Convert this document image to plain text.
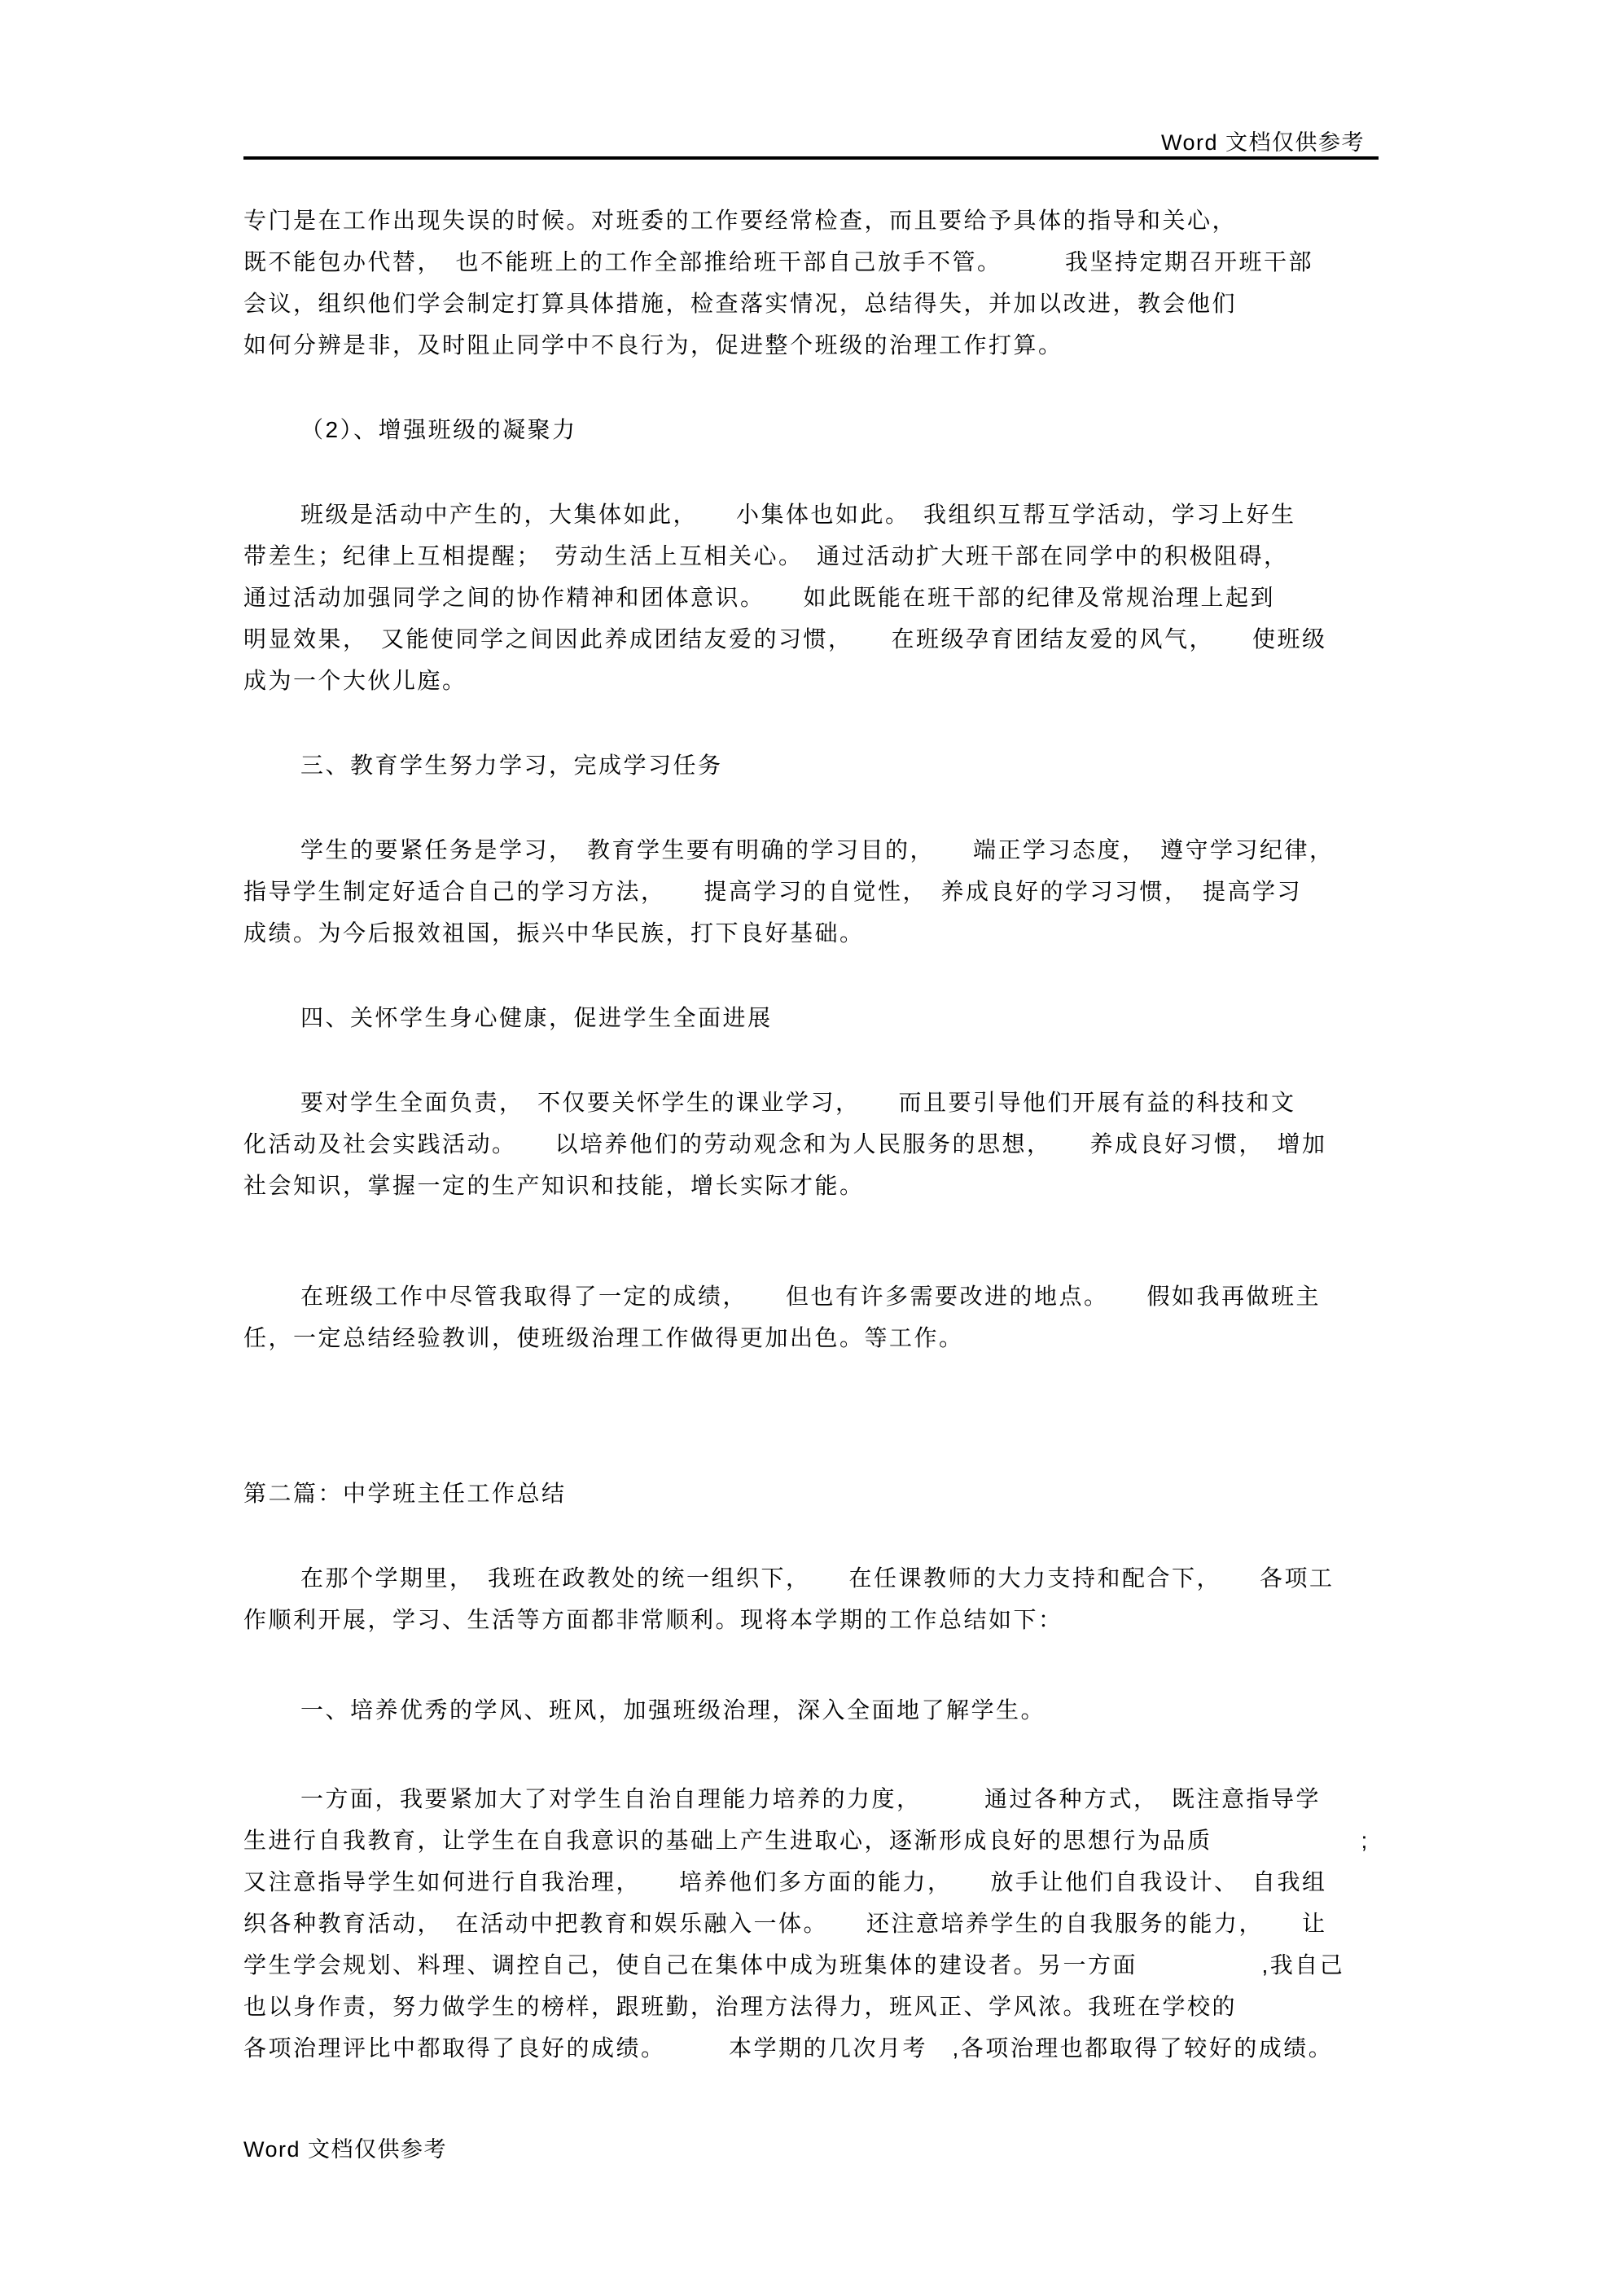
Word 文档仅供参考
专门是在工作出现失误的时候。对班委的工作要经常检查，而且要给予具体的指导和关心，
既不能包办代替，　也不能班上的工作全部推给班干部自己放手不管。　　　我坚持定期召开班干部
会议，组织他们学会制定打算具体措施，检查落实情况，总结得失，并加以改进，教会他们
如何分辨是非，及时阻止同学中不良行为，促进整个班级的治理工作打算。
（2）、增强班级的凝聚力
班级是活动中产生的，大集体如此，　　小集体也如此。　我组织互帮互学活动，学习上好生
带差生；纪律上互相提醒；　劳动生活上互相关心。　通过活动扩大班干部在同学中的积极阻碍，
通过活动加强同学之间的协作精神和团体意识。　　如此既能在班干部的纪律及常规治理上起到
明显效果，　又能使同学之间因此养成团结友爱的习惯，　　在班级孕育团结友爱的风气，　　使班级
成为一个大伙儿庭。
三、教育学生努力学习，完成学习任务
学生的要紧任务是学习，　教育学生要有明确的学习目的，　　端正学习态度，　遵守学习纪律，
指导学生制定好适合自己的学习方法，　　提高学习的自觉性，　养成良好的学习习惯，　提高学习
成绩。为今后报效祖国，振兴中华民族，打下良好基础。
四、关怀学生身心健康，促进学生全面进展
要对学生全面负责，　不仅要关怀学生的课业学习，　　而且要引导他们开展有益的科技和文
化活动及社会实践活动。　　以培养他们的劳动观念和为人民服务的思想，　　养成良好习惯，　增加
社会知识，掌握一定的生产知识和技能，增长实际才能。
在班级工作中尽管我取得了一定的成绩，　　但也有许多需要改进的地点。　　假如我再做班主
任，一定总结经验教训，使班级治理工作做得更加出色。等工作。
第二篇：中学班主任工作总结
在那个学期里，　我班在政教处的统一组织下，　　在任课教师的大力支持和配合下，　　各项工
作顺利开展，学习、生活等方面都非常顺利。现将本学期的工作总结如下：
一、培养优秀的学风、班风，加强班级治理，深入全面地了解学生。
一方面，我要紧加大了对学生自治自理能力培养的力度，　　　通过各种方式，　既注意指导学
生进行自我教育，让学生在自我意识的基础上产生进取心，逐渐形成良好的思想行为品质　　　　　　;
又注意指导学生如何进行自我治理，　　培养他们多方面的能力，　　放手让他们自我设计、　自我组
织各种教育活动，　在活动中把教育和娱乐融入一体。　　还注意培养学生的自我服务的能力，　　让
学生学会规划、料理、调控自己，使自己在集体中成为班集体的建设者。另一方面　　　　　,我自己
也以身作责，努力做学生的榜样，跟班勤，治理方法得力，班风正、学风浓。我班在学校的
各项治理评比中都取得了良好的成绩。　　　本学期的几次月考　,各项治理也都取得了较好的成绩。
Word 文档仅供参考
